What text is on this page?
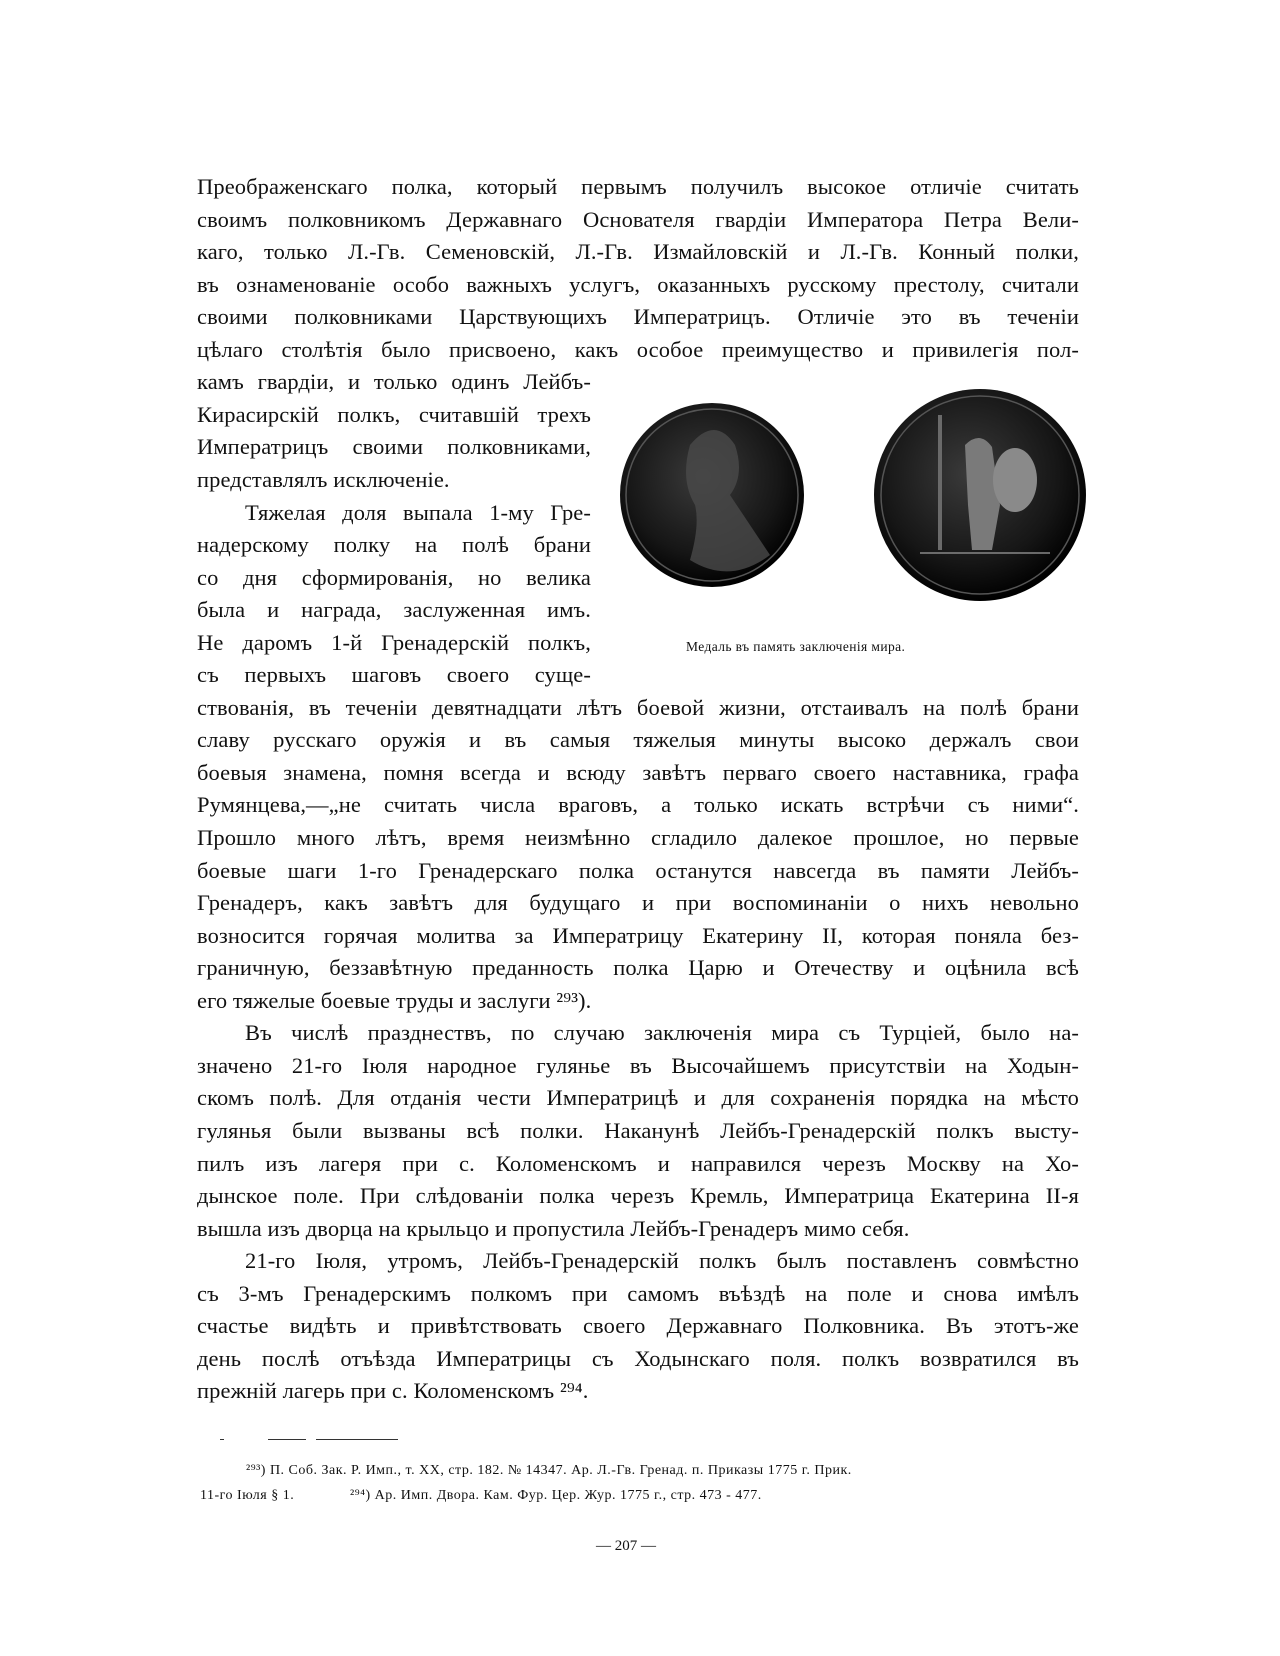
Преображенскаго полка, который первымъ получилъ высокое отличіе считать
своимъ полковникомъ Державнаго Основателя гвардіи Императора Петра Вели-
каго, только Л.-Гв. Семеновскій, Л.-Гв. Измайловскій и Л.-Гв. Конный полки,
въ ознаменованіе особо важныхъ услугъ, оказанныхъ русскому престолу, считали
своими полковниками Царствующихъ Императрицъ. Отличіе это въ теченіи
цѣлаго столѣтія было присвоено, какъ особое преимущество и привилегія пол-
камъ гвардіи, и только одинъ Лейбъ-
Кирасирскій полкъ, считавшій трехъ
Императрицъ своими полковниками,
представлялъ исключеніе.
Тяжелая доля выпала 1-му Гре-
надерскому полку на полѣ брани
со дня сформированія, но велика
была и награда, заслуженная имъ.
Не даромъ 1-й Гренадерскій полкъ,
съ первыхъ шаговъ своего суще-
ствованія, въ теченіи девятнадцати лѣтъ боевой жизни, отстаивалъ на полѣ брани
славу русскаго оружія и въ самыя тяжелыя минуты высоко держалъ свои
боевыя знамена, помня всегда и всюду завѣтъ перваго своего наставника, графа
Румянцева,—„не считать числа враговъ, а только искать встрѣчи съ ними“.
Прошло много лѣтъ, время неизмѣнно сгладило далекое прошлое, но первые
боевые шаги 1-го Гренадерскаго полка останутся навсегда въ памяти Лейбъ-
Гренадеръ, какъ завѣтъ для будущаго и при воспоминаніи о нихъ невольно
возносится горячая молитва за Императрицу Екатерину II, которая поняла без-
граничную, беззавѣтную преданность полка Царю и Отечеству и оцѣнила всѣ
его тяжелые боевые труды и заслуги ²⁹³).
Въ числѣ празднествъ, по случаю заключенія мира съ Турціей, было на-
значено 21-го Іюля народное гулянье въ Высочайшемъ присутствіи на Ходын-
скомъ полѣ. Для отданія чести Императрицѣ и для сохраненія порядка на мѣсто
гулянья были вызваны всѣ полки. Наканунѣ Лейбъ-Гренадерскій полкъ высту-
пилъ изъ лагеря при с. Коломенскомъ и направился черезъ Москву на Хо-
дынское поле. При слѣдованіи полка черезъ Кремль, Императрица Екатерина II-я
вышла изъ дворца на крыльцо и пропустила Лейбъ-Гренадеръ мимо себя.
21-го Іюля, утромъ, Лейбъ-Гренадерскій полкъ былъ поставленъ совмѣстно
съ 3-мъ Гренадерскимъ полкомъ при самомъ въѣздѣ на поле и снова имѣлъ
счастье видѣть и привѣтствовать своего Державнаго Полковника. Въ этотъ-же
день послѣ отъѣзда Императрицы съ Ходынскаго поля. полкъ возвратился въ
прежній лагерь при с. Коломенскомъ ²⁹⁴.
Медаль въ память заключенія мира.
²⁹³) П. Соб. Зак. Р. Имп., т. XX, стр. 182. № 14347. Ар. Л.-Гв. Гренад. п. Приказы 1775 г. Прик.
11-го Іюля § 1.	²⁹⁴) Ар. Имп. Двора. Кам. Фур. Цер. Жур. 1775 г., стр. 473 - 477.
— 207 —
